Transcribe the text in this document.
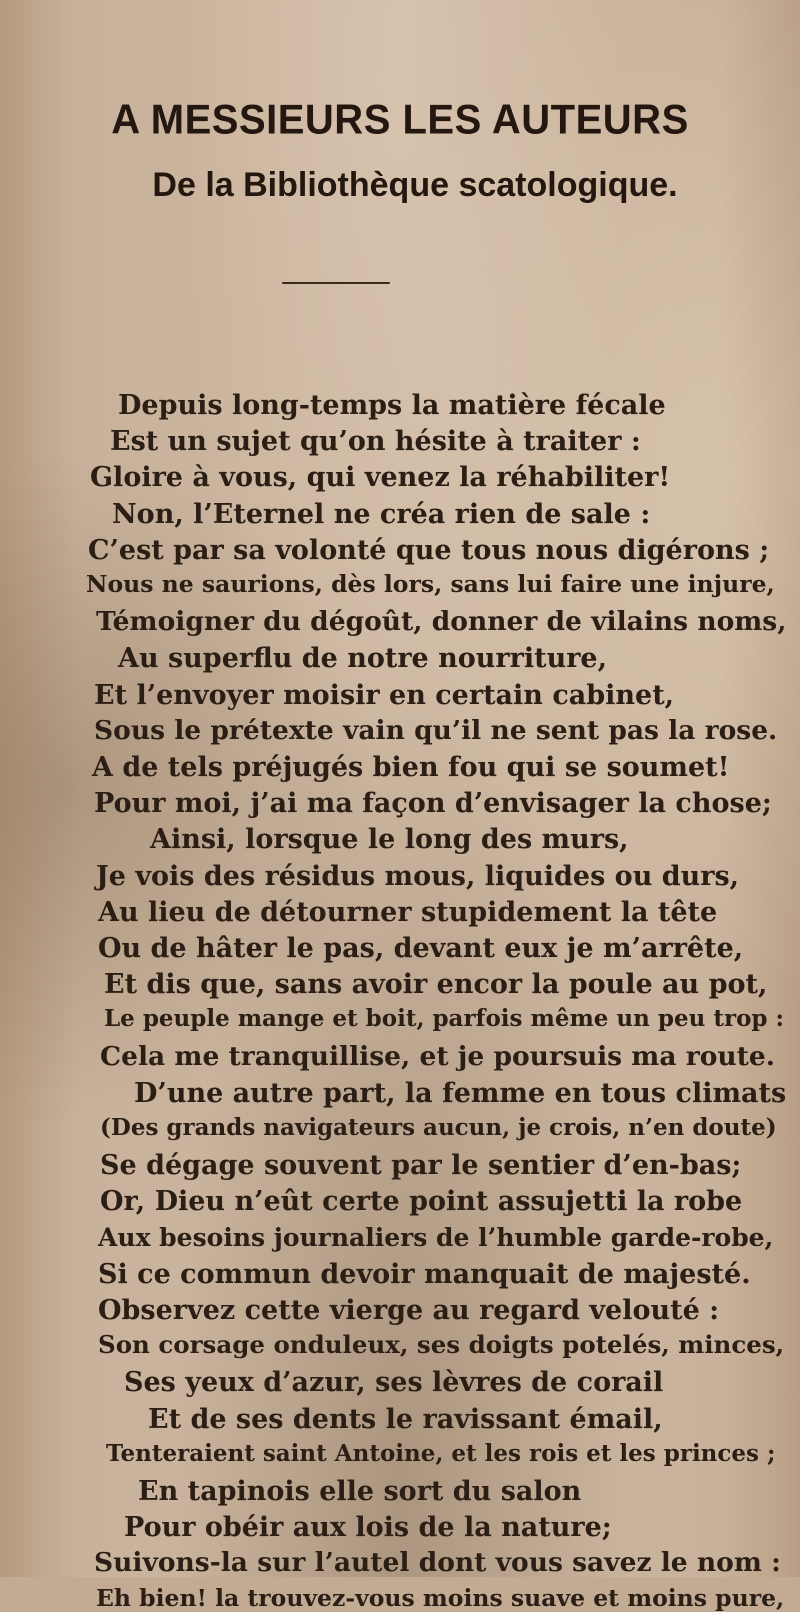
A MESSIEURS LES AUTEURS
De la Bibliothèque scatologique.
Depuis long-temps la matière fécale
Est un sujet qu’on hésite à traiter :
Gloire à vous, qui venez la réhabiliter!
Non, l’Eternel ne créa rien de sale :
C’est par sa volonté que tous nous digérons ;
Nous ne saurions, dès lors, sans lui faire une injure,
Témoigner du dégoût, donner de vilains noms,
Au superflu de notre nourriture,
Et l’envoyer moisir en certain cabinet,
Sous le prétexte vain qu’il ne sent pas la rose.
A de tels préjugés bien fou qui se soumet!
Pour moi, j’ai ma façon d’envisager la chose;
Ainsi, lorsque le long des murs,
Je vois des résidus mous, liquides ou durs,
Au lieu de détourner stupidement la tête
Ou de hâter le pas, devant eux je m’arrête,
Et dis que, sans avoir encor la poule au pot,
Le peuple mange et boit, parfois même un peu trop :
Cela me tranquillise, et je poursuis ma route.
D’une autre part, la femme en tous climats
(Des grands navigateurs aucun, je crois, n’en doute)
Se dégage souvent par le sentier d’en-bas;
Or, Dieu n’eût certe point assujetti la robe
Aux besoins journaliers de l’humble garde-robe,
Si ce commun devoir manquait de majesté.
Observez cette vierge au regard velouté :
Son corsage onduleux, ses doigts potelés, minces,
Ses yeux d’azur, ses lèvres de corail
Et de ses dents le ravissant émail,
Tenteraient saint Antoine, et les rois et les princes ;
En tapinois elle sort du salon
Pour obéir aux lois de la nature;
Suivons-la sur l’autel dont vous savez le nom :
Eh bien! la trouvez-vous moins suave et moins pure,
